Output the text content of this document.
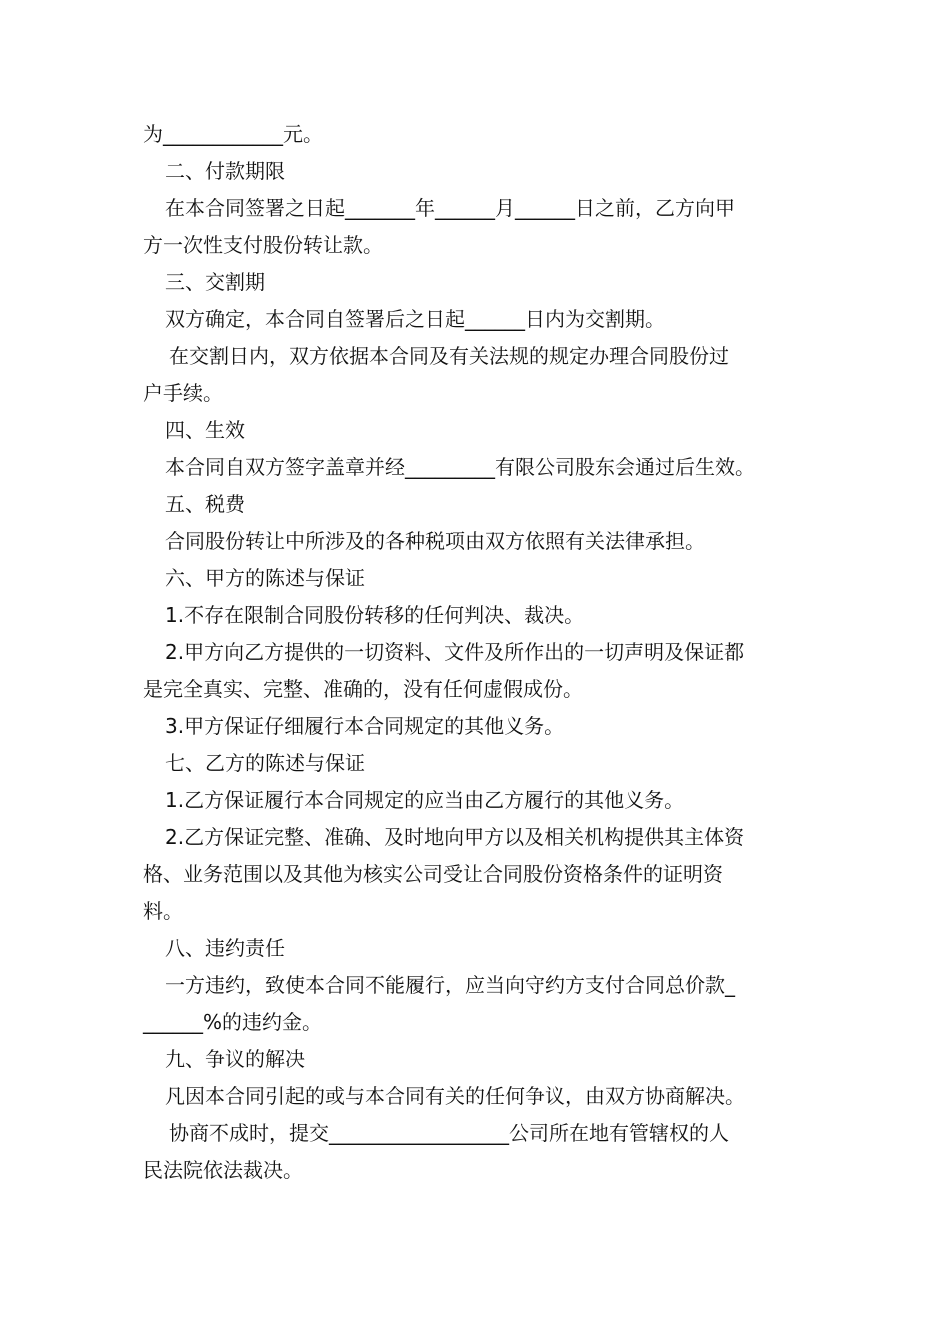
为____________元。
二、付款期限
在本合同签署之日起_______年______月______日之前，乙方向甲
方一次性支付股份转让款。
三、交割期
双方确定，本合同自签署后之日起______日内为交割期。
在交割日内，双方依据本合同及有关法规的规定办理合同股份过
户手续。
四、生效
本合同自双方签字盖章并经_________有限公司股东会通过后生效。
五、税费
合同股份转让中所涉及的各种税项由双方依照有关法律承担。
六、甲方的陈述与保证
1.不存在限制合同股份转移的任何判决、裁决。
2.甲方向乙方提供的一切资料、文件及所作出的一切声明及保证都
是完全真实、完整、准确的，没有任何虚假成份。
3.甲方保证仔细履行本合同规定的其他义务。
七、乙方的陈述与保证
1.乙方保证履行本合同规定的应当由乙方履行的其他义务。
2.乙方保证完整、准确、及时地向甲方以及相关机构提供其主体资
格、业务范围以及其他为核实公司受让合同股份资格条件的证明资
料。
八、违约责任
一方违约，致使本合同不能履行，应当向守约方支付合同总价款_
______%的违约金。
九、争议的解决
凡因本合同引起的或与本合同有关的任何争议，由双方协商解决。
协商不成时，提交__________________公司所在地有管辖权的人
民法院依法裁决。
